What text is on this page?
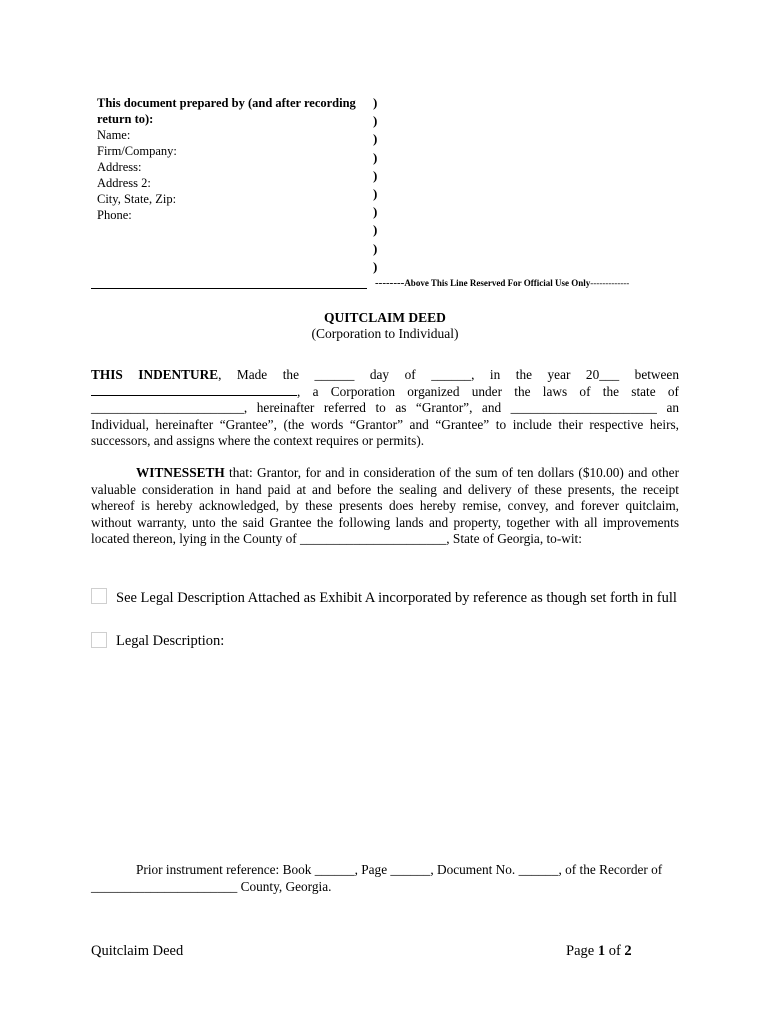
This document prepared by (and after recording return to):
Name:
Firm/Company:
Address:
Address 2:
City, State, Zip:
Phone:
)
)
)
)
)
)
)
)
)
)
--------Above This Line Reserved For Official Use Only-------------
QUITCLAIM DEED
(Corporation to Individual)
THIS INDENTURE, Made the ______ day of ______, in the year 20___ between , a Corporation organized under the laws of the state of _______________________, hereinafter referred to as “Grantor”, and ______________________ an Individual, hereinafter “Grantee”, (the words “Grantor” and “Grantee” to include their respective heirs, successors, and assigns where the context requires or permits).
WITNESSETH that: Grantor, for and in consideration of the sum of ten dollars ($10.00) and other valuable consideration in hand paid at and before the sealing and delivery of these presents, the receipt whereof is hereby acknowledged, by these presents does hereby remise, convey, and forever quitclaim, without warranty, unto the said Grantee the following lands and property, together with all improvements located thereon, lying in the County of ______________________, State of Georgia, to-wit:
See Legal Description Attached as Exhibit A incorporated by reference as though set forth in full
Legal Description:
Prior instrument reference: Book ______, Page ______, Document No. ______, of the Recorder of ______________________ County, Georgia.
Quitclaim Deed	Page 1 of 2
